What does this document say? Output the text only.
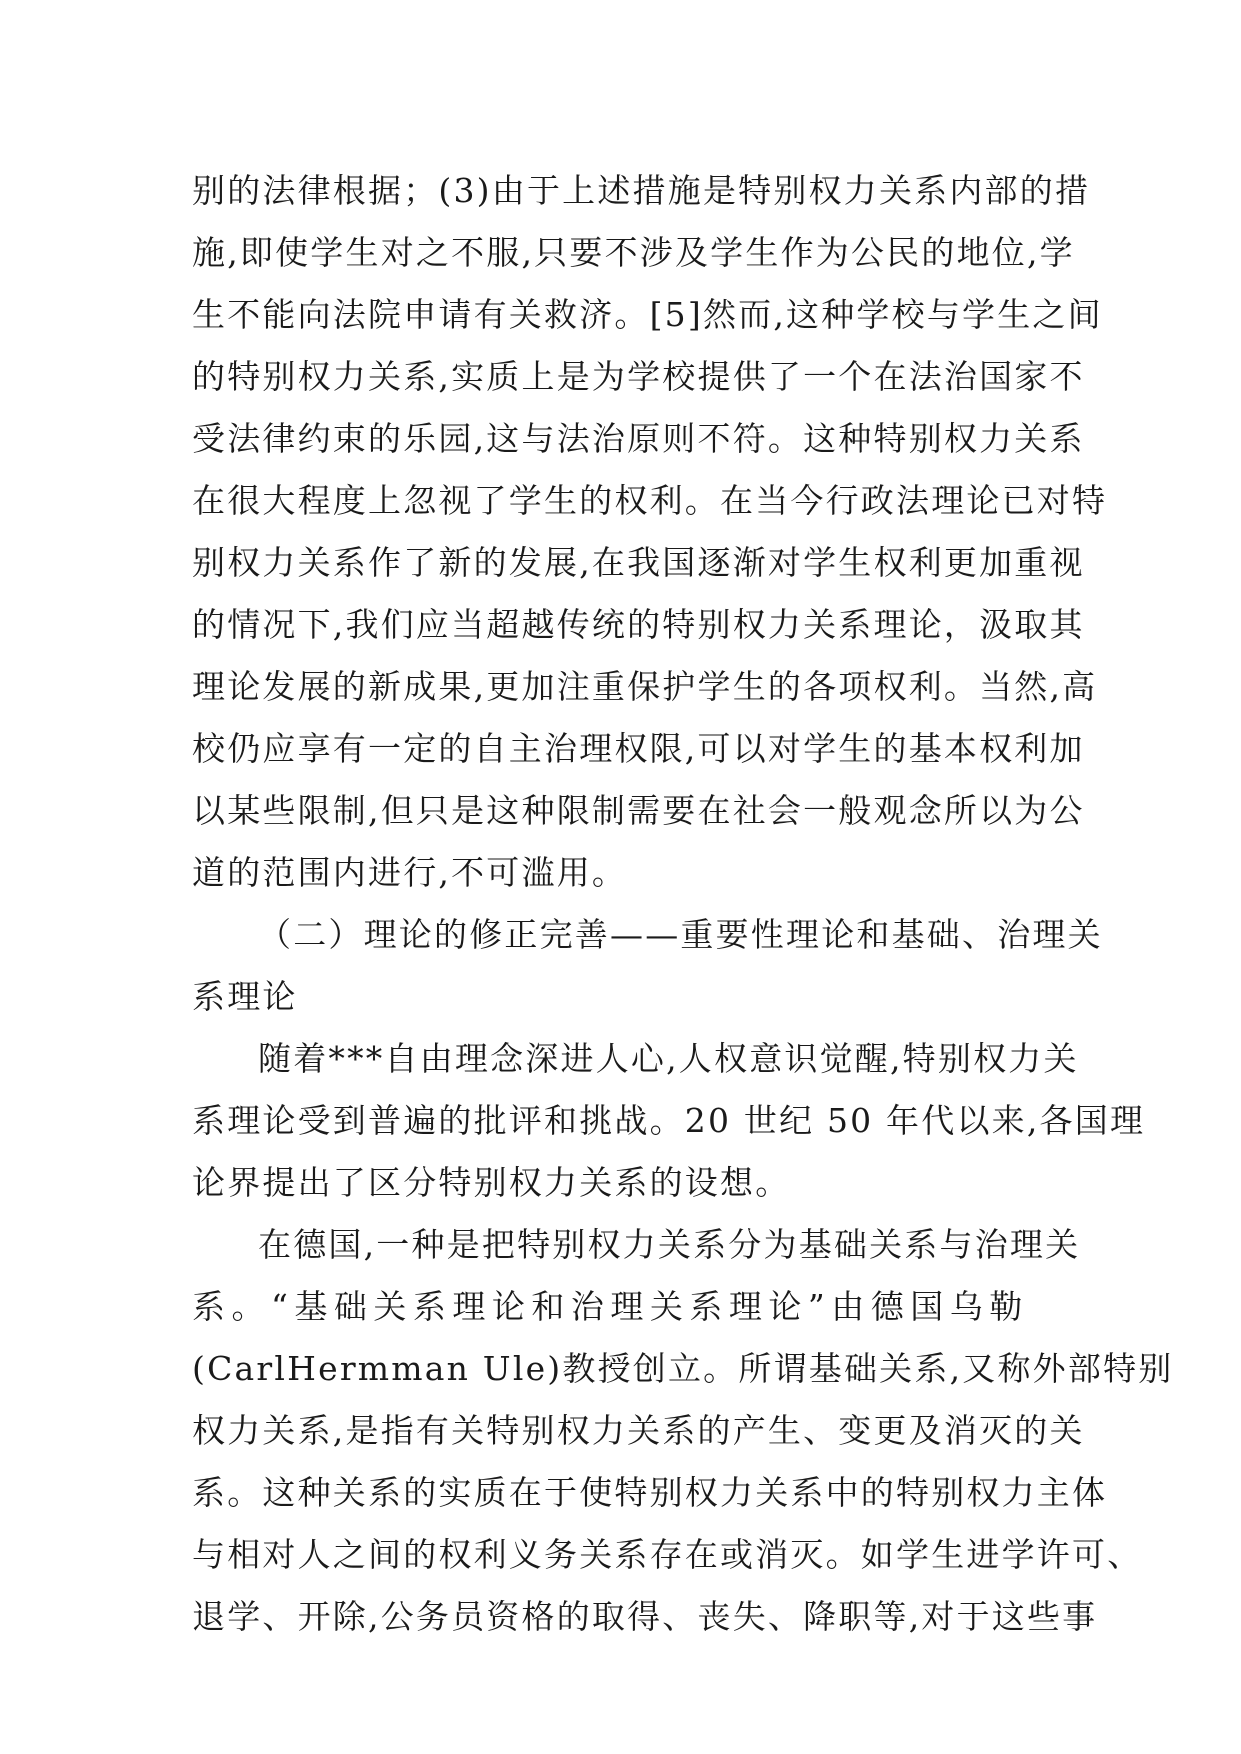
别的法律根据；(3)由于上述措施是特别权力关系内部的措
施,即使学生对之不服,只要不涉及学生作为公民的地位,学
生不能向法院申请有关救济。[5]然而,这种学校与学生之间
的特别权力关系,实质上是为学校提供了一个在法治国家不
受法律约束的乐园,这与法治原则不符。这种特别权力关系
在很大程度上忽视了学生的权利。在当今行政法理论已对特
别权力关系作了新的发展,在我国逐渐对学生权利更加重视
的情况下,我们应当超越传统的特别权力关系理论，汲取其
理论发展的新成果,更加注重保护学生的各项权利。当然,高
校仍应享有一定的自主治理权限,可以对学生的基本权利加
以某些限制,但只是这种限制需要在社会一般观念所以为公
道的范围内进行,不可滥用。
（二）理论的修正完善——重要性理论和基础、治理关
系理论
随着***自由理念深进人心,人权意识觉醒,特别权力关
系理论受到普遍的批评和挑战。20 世纪 50 年代以来,各国理
论界提出了区分特别权力关系的设想。
在德国,一种是把特别权力关系分为基础关系与治理关
系。“基础关系理论和治理关系理论”由德国乌勒
(CarlHermman Ule)教授创立。所谓基础关系,又称外部特别
权力关系,是指有关特别权力关系的产生、变更及消灭的关
系。这种关系的实质在于使特别权力关系中的特别权力主体
与相对人之间的权利义务关系存在或消灭。如学生进学许可、
退学、开除,公务员资格的取得、丧失、降职等,对于这些事
